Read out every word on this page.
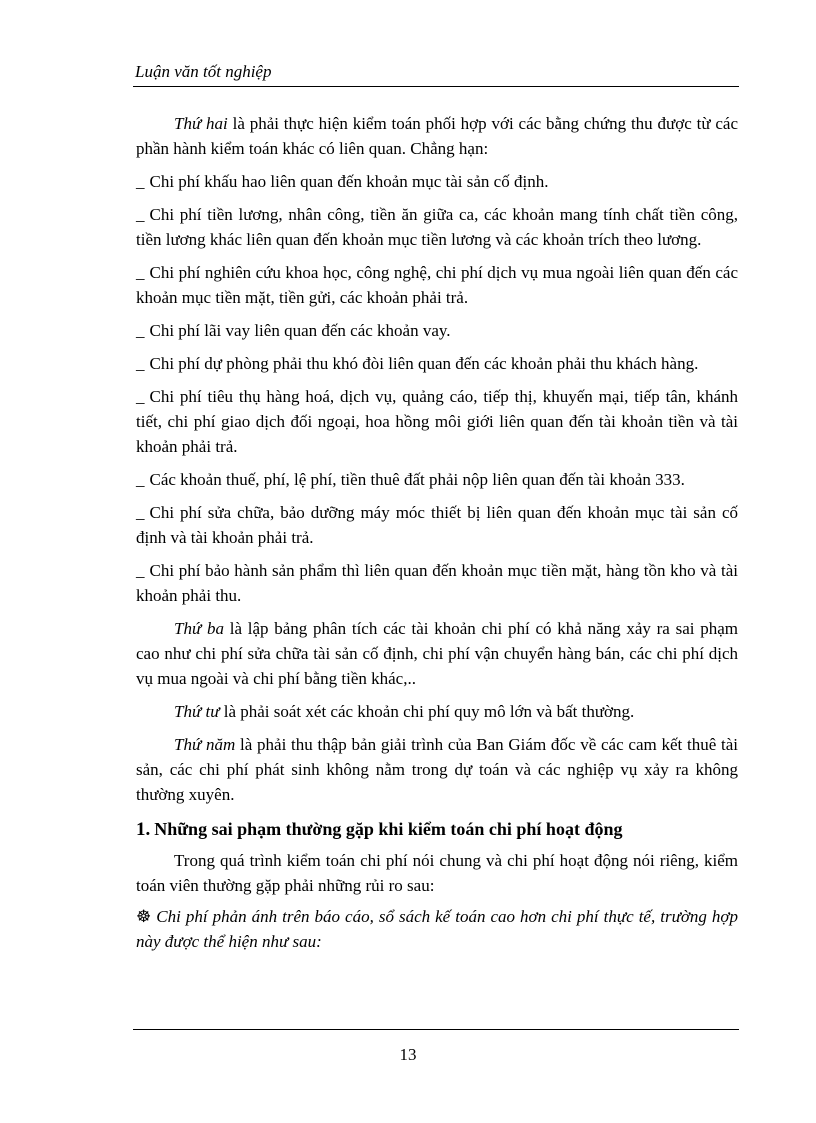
Luận văn tốt nghiệp

Thứ hai là phải thực hiện kiểm toán phối hợp với các bằng chứng thu được từ các phần hành kiểm toán khác có liên quan. Chẳng hạn:

_ Chi phí khấu hao liên quan đến khoản mục tài sản cố định.

_ Chi phí tiền lương, nhân công, tiền ăn giữa ca, các khoản mang tính chất tiền công, tiền lương khác liên quan đến khoản mục tiền lương và các khoản trích theo lương.

_ Chi phí nghiên cứu khoa học, công nghệ, chi phí dịch vụ mua ngoài liên quan đến các khoản mục tiền mặt, tiền gửi, các khoản phải trả.

_ Chi phí lãi vay liên quan đến các khoản vay.

_ Chi phí dự phòng phải thu khó đòi liên quan đến các khoản phải thu khách hàng.

_ Chi phí tiêu thụ hàng hoá, dịch vụ, quảng cáo, tiếp thị, khuyến mại, tiếp tân, khánh tiết, chi phí giao dịch đối ngoại, hoa hồng môi giới liên quan đến tài khoản tiền và tài khoản phải trả.

_ Các khoản thuế, phí, lệ phí, tiền thuê đất phải nộp liên quan đến tài khoản 333.

_ Chi phí sửa chữa, bảo dưỡng máy móc thiết bị liên quan đến khoản mục tài sản cố định và tài khoản phải trả.

_ Chi phí bảo hành sản phẩm thì liên quan đến khoản mục tiền mặt, hàng tồn kho và tài khoản phải thu.

Thứ ba là lập bảng phân tích các tài khoản chi phí có khả năng xảy ra sai phạm cao như chi phí sửa chữa tài sản cố định, chi phí vận chuyển hàng bán, các chi phí dịch vụ mua ngoài và chi phí bằng tiền khác,..

Thứ tư là phải soát xét các khoản chi phí quy mô lớn và bất thường.

Thứ năm là phải thu thập bản giải trình của Ban Giám đốc về các cam kết thuê tài sản, các chi phí phát sinh không nằm trong dự toán và các nghiệp vụ xảy ra không thường xuyên.

1. Những sai phạm thường gặp khi kiểm toán chi phí hoạt động

Trong quá trình kiểm toán chi phí nói chung và chi phí hoạt động nói riêng, kiểm toán viên thường gặp phải những rủi ro sau:

☸ Chi phí phản ánh trên báo cáo, sổ sách kế toán cao hơn chi phí thực tế, trường hợp này được thể hiện như sau:

13
